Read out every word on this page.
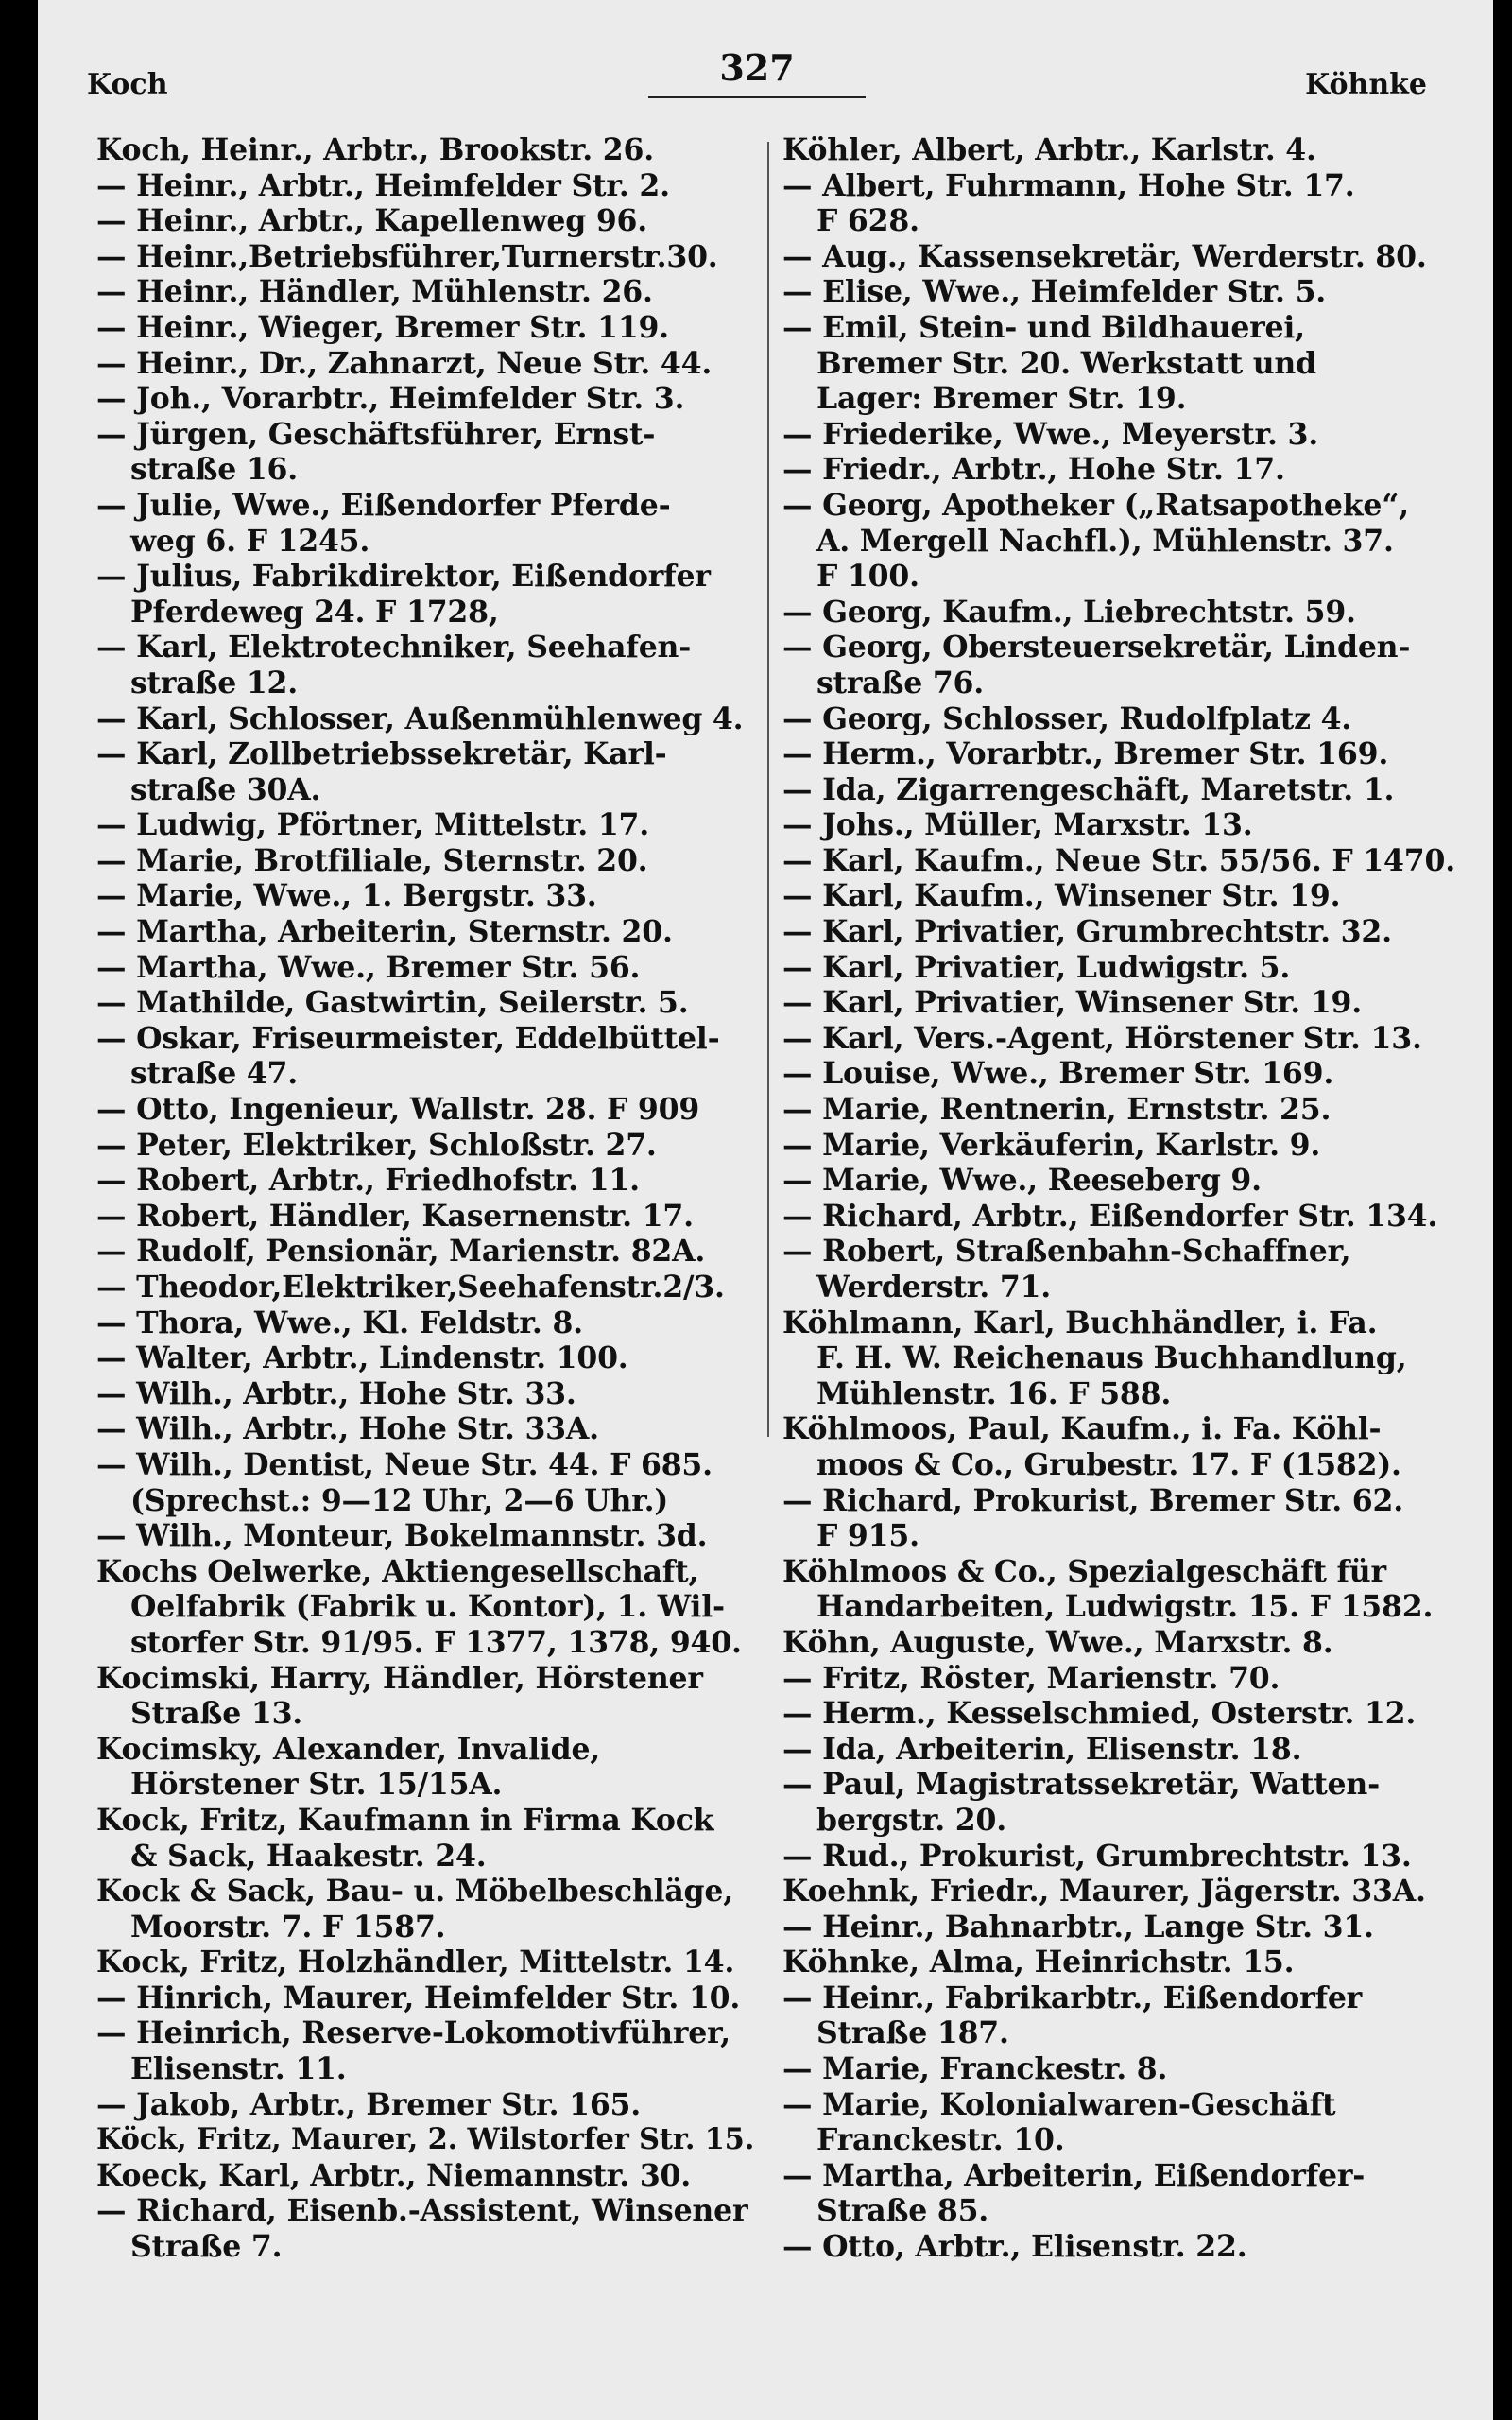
Koch	327	Köhnke
Koch, Heinr., Arbtr., Brookstr. 26.
— Heinr., Arbtr., Heimfelder Str. 2.
— Heinr., Arbtr., Kapellenweg 96.
— Heinr.,Betriebsführer,Turnerstr.30.
— Heinr., Händler, Mühlenstr. 26.
— Heinr., Wieger, Bremer Str. 119.
— Heinr., Dr., Zahnarzt, Neue Str. 44.
— Joh., Vorarbtr., Heimfelder Str. 3.
— Jürgen, Geschäftsführer, Ernst-
straße 16.
— Julie, Wwe., Eißendorfer Pferde-
weg 6. F 1245.
— Julius, Fabrikdirektor, Eißendorfer
Pferdeweg 24. F 1728,
— Karl, Elektrotechniker, Seehafen-
straße 12.
— Karl, Schlosser, Außenmühlenweg 4.
— Karl, Zollbetriebssekretär, Karl-
straße 30A.
— Ludwig, Pförtner, Mittelstr. 17.
— Marie, Brotfiliale, Sternstr. 20.
— Marie, Wwe., 1. Bergstr. 33.
— Martha, Arbeiterin, Sternstr. 20.
— Martha, Wwe., Bremer Str. 56.
— Mathilde, Gastwirtin, Seilerstr. 5.
— Oskar, Friseurmeister, Eddelbüttel-
straße 47.
— Otto, Ingenieur, Wallstr. 28. F 909
— Peter, Elektriker, Schloßstr. 27.
— Robert, Arbtr., Friedhofstr. 11.
— Robert, Händler, Kasernenstr. 17.
— Rudolf, Pensionär, Marienstr. 82A.
— Theodor,Elektriker,Seehafenstr.2/3.
— Thora, Wwe., Kl. Feldstr. 8.
— Walter, Arbtr., Lindenstr. 100.
— Wilh., Arbtr., Hohe Str. 33.
— Wilh., Arbtr., Hohe Str. 33A.
— Wilh., Dentist, Neue Str. 44. F 685.
(Sprechst.: 9—12 Uhr, 2—6 Uhr.)
— Wilh., Monteur, Bokelmannstr. 3d.
Kochs Oelwerke, Aktiengesellschaft,
Oelfabrik (Fabrik u. Kontor), 1. Wil-
storfer Str. 91/95. F 1377, 1378, 940.
Kocimski, Harry, Händler, Hörstener
Straße 13.
Kocimsky, Alexander, Invalide,
Hörstener Str. 15/15A.
Kock, Fritz, Kaufmann in Firma Kock
& Sack, Haakestr. 24.
Kock & Sack, Bau- u. Möbelbeschläge,
Moorstr. 7. F 1587.
Kock, Fritz, Holzhändler, Mittelstr. 14.
— Hinrich, Maurer, Heimfelder Str. 10.
— Heinrich, Reserve-Lokomotivführer,
Elisenstr. 11.
— Jakob, Arbtr., Bremer Str. 165.
Köck, Fritz, Maurer, 2. Wilstorfer Str. 15.
Koeck, Karl, Arbtr., Niemannstr. 30.
— Richard, Eisenb.-Assistent, Winsener
Straße 7.
Köhler, Albert, Arbtr., Karlstr. 4.
— Albert, Fuhrmann, Hohe Str. 17.
F 628.
— Aug., Kassensekretär, Werderstr. 80.
— Elise, Wwe., Heimfelder Str. 5.
— Emil, Stein- und Bildhauerei,
Bremer Str. 20. Werkstatt und
Lager: Bremer Str. 19.
— Friederike, Wwe., Meyerstr. 3.
— Friedr., Arbtr., Hohe Str. 17.
— Georg, Apotheker („Ratsapotheke“,
A. Mergell Nachfl.), Mühlenstr. 37.
F 100.
— Georg, Kaufm., Liebrechtstr. 59.
— Georg, Obersteuersekretär, Linden-
straße 76.
— Georg, Schlosser, Rudolfplatz 4.
— Herm., Vorarbtr., Bremer Str. 169.
— Ida, Zigarrengeschäft, Maretstr. 1.
— Johs., Müller, Marxstr. 13.
— Karl, Kaufm., Neue Str. 55/56. F 1470.
— Karl, Kaufm., Winsener Str. 19.
— Karl, Privatier, Grumbrechtstr. 32.
— Karl, Privatier, Ludwigstr. 5.
— Karl, Privatier, Winsener Str. 19.
— Karl, Vers.-Agent, Hörstener Str. 13.
— Louise, Wwe., Bremer Str. 169.
— Marie, Rentnerin, Ernststr. 25.
— Marie, Verkäuferin, Karlstr. 9.
— Marie, Wwe., Reeseberg 9.
— Richard, Arbtr., Eißendorfer Str. 134.
— Robert, Straßenbahn-Schaffner,
Werderstr. 71.
Köhlmann, Karl, Buchhändler, i. Fa.
F. H. W. Reichenaus Buchhandlung,
Mühlenstr. 16. F 588.
Köhlmoos, Paul, Kaufm., i. Fa. Köhl-
moos & Co., Grubestr. 17. F (1582).
— Richard, Prokurist, Bremer Str. 62.
F 915.
Köhlmoos & Co., Spezialgeschäft für
Handarbeiten, Ludwigstr. 15. F 1582.
Köhn, Auguste, Wwe., Marxstr. 8.
— Fritz, Röster, Marienstr. 70.
— Herm., Kesselschmied, Osterstr. 12.
— Ida, Arbeiterin, Elisenstr. 18.
— Paul, Magistratssekretär, Watten-
bergstr. 20.
— Rud., Prokurist, Grumbrechtstr. 13.
Koehnk, Friedr., Maurer, Jägerstr. 33A.
— Heinr., Bahnarbtr., Lange Str. 31.
Köhnke, Alma, Heinrichstr. 15.
— Heinr., Fabrikarbtr., Eißendorfer
Straße 187.
— Marie, Franckestr. 8.
— Marie, Kolonialwaren-Geschäft
Franckestr. 10.
— Martha, Arbeiterin, Eißendorfer-
Straße 85.
— Otto, Arbtr., Elisenstr. 22.
